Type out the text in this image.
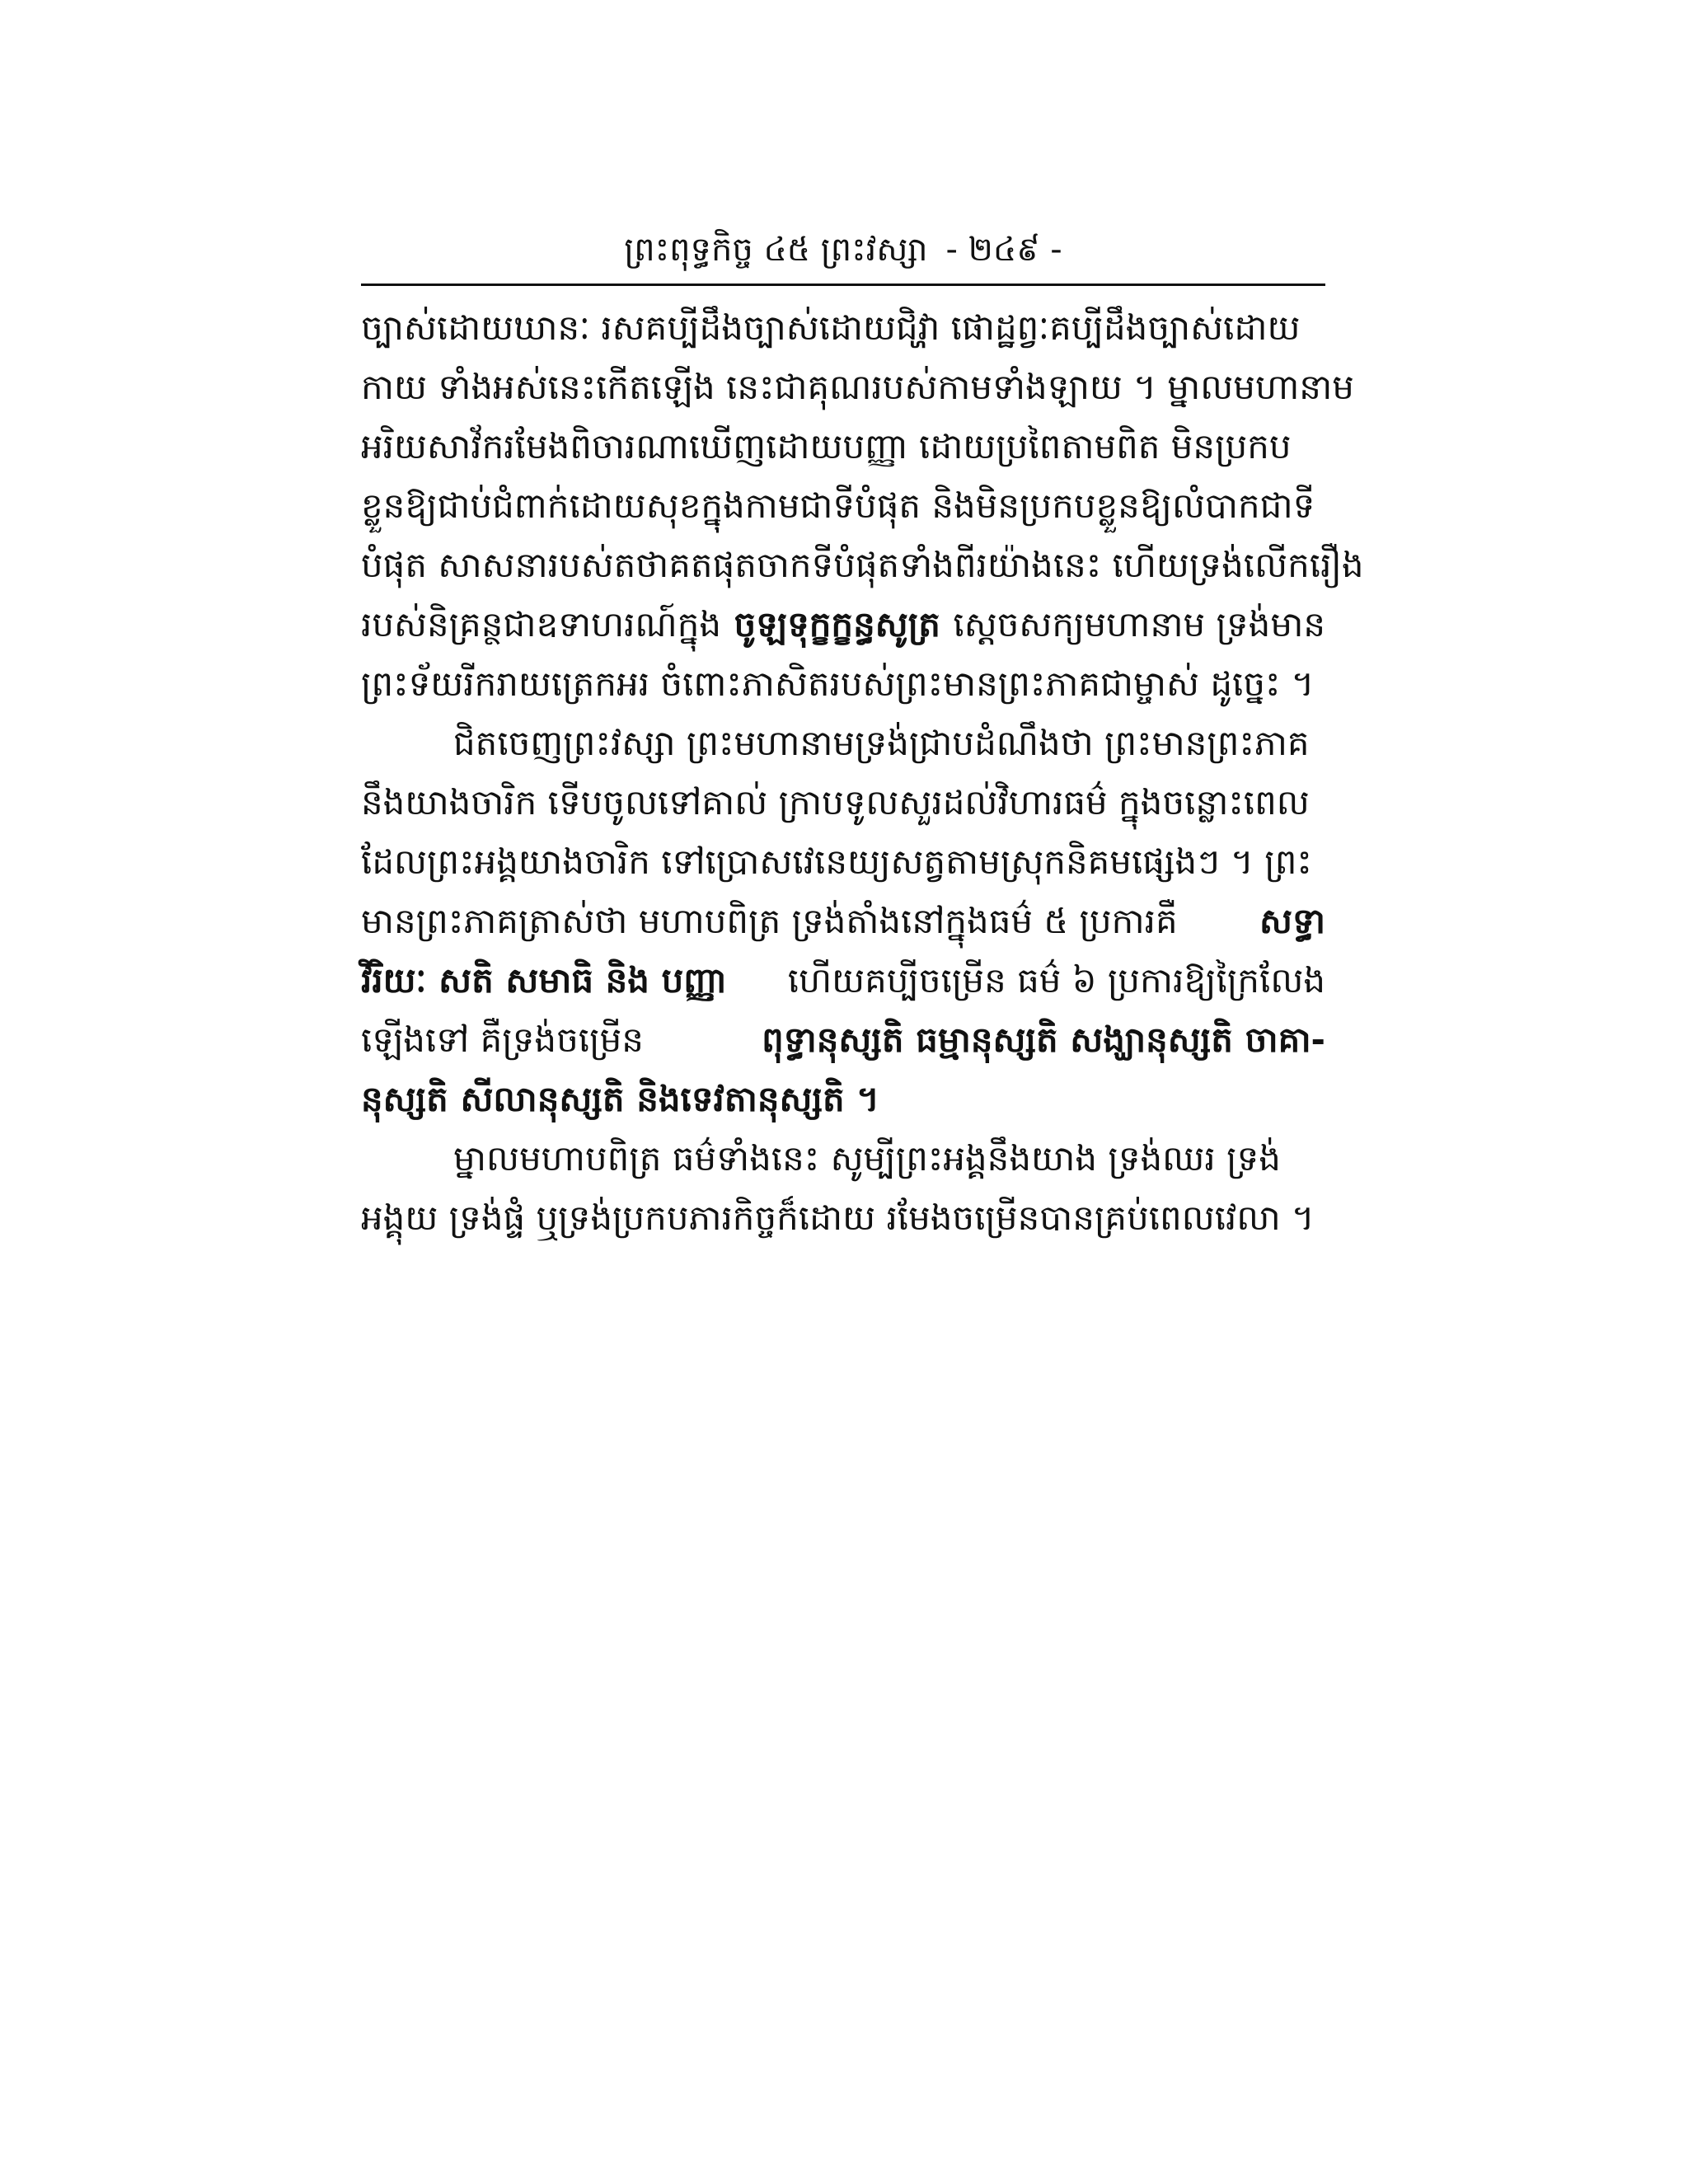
ព្រះពុទ្ធកិច្ច ៤៥ ព្រះវស្សា - ២៤៩ -
ច្បាស់ដោយឃានៈ រសគប្បីដឹងច្បាស់ដោយជិវ្ហា ផោដ្ឋព្វៈគប្បីដឹងច្បាស់ដោយ
កាយ ទាំងអស់នេះកើតឡើង នេះជាគុណរបស់កាមទាំងឡាយ ។ ម្នាលមហានាម
អរិយសាវ័ករមែងពិចារណាឃើញដោយបញ្ញា ដោយប្រពៃតាមពិត មិនប្រកប
ខ្លួនឱ្យជាប់ជំពាក់ដោយសុខក្នុងកាមជាទីបំផុត និងមិនប្រកបខ្លួនឱ្យលំបាកជាទី
បំផុត សាសនារបស់តថាគតផុតចាកទីបំផុតទាំងពីរយ៉ាងនេះ ហើយទ្រង់លើករឿង
របស់និគ្រន្ថជាឧទាហរណ៍ក្នុង ចូឡទុក្ខក្ខន្ធសូត្រ ស្ដេចសក្យមហានាម ទ្រង់មាន
ព្រះទ័យរីករាយត្រេកអរ ចំពោះភាសិតរបស់ព្រះមានព្រះភាគជាម្ចាស់ ដូច្នេះ ។
ជិតចេញព្រះវស្សា ព្រះមហានាមទ្រង់ជ្រាបដំណឹងថា ព្រះមានព្រះភាគ
នឹងយាងចារិក ទើបចូលទៅគាល់ ក្រាបទូលសួរដល់វិហារធម៌ ក្នុងចន្លោះពេល
ដែលព្រះអង្គយាងចារិក ទៅប្រោសវេនេយ្យសត្វតាមស្រុកនិគមផ្សេងៗ ។ ព្រះ
មានព្រះភាគត្រាស់ថា មហាបពិត្រ ទ្រង់តាំងនៅក្នុងធម៌ ៥ ប្រការគឺ សទ្ធា
វិរិយៈ សតិ សមាធិ និង បញ្ញា ហើយគប្បីចម្រើន ធម៌ ៦ ប្រការឱ្យក្រៃលែង
ឡើងទៅ គឺទ្រង់ចម្រើន	ពុទ្ធានុស្សតិ ធម្មានុស្សតិ សង្ឃានុស្សតិ ចាគា-
នុស្សតិ សីលានុស្សតិ និងទេវតានុស្សតិ ។
ម្នាលមហាបពិត្រ ធម៌ទាំងនេះ សូម្បីព្រះអង្គនឹងយាង ទ្រង់ឈរ ទ្រង់
អង្គុយ ទ្រង់ផ្ទំ ឬទ្រង់ប្រកបភារកិច្ចក៏ដោយ រមែងចម្រើនបានគ្រប់ពេលវេលា ។
